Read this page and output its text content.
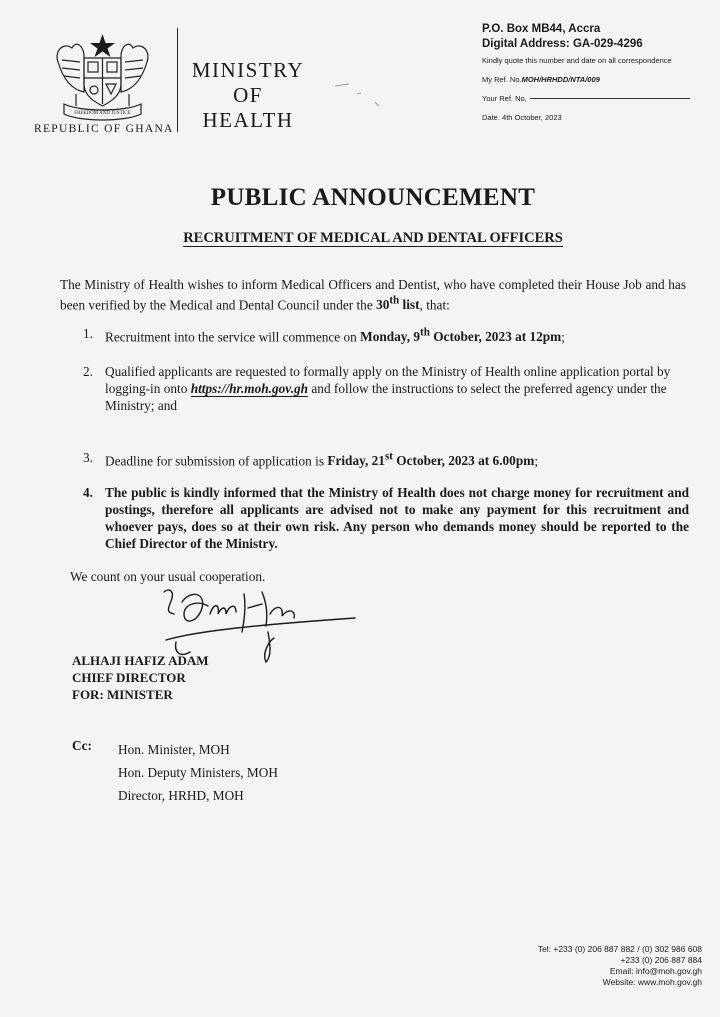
FREEDOM AND JUSTICE
REPUBLIC OF GHANA
MINISTRY
OF
HEALTH
P.O. Box MB44, Accra
Digital Address: GA-029-4296
Kindly quote this number and date on all correspondence
My Ref. No.MOH/HRHDD/NTA/009
Your Ref. No.
Date. 4th October, 2023
PUBLIC ANNOUNCEMENT
RECRUITMENT OF MEDICAL AND DENTAL OFFICERS
The Ministry of Health wishes to inform Medical Officers and Dentist, who have completed their House Job and has been verified by the Medical and Dental Council under the 30th list, that:
1. Recruitment into the service will commence on Monday, 9th October, 2023 at 12pm;
2. Qualified applicants are requested to formally apply on the Ministry of Health online application portal by logging-in onto https://hr.moh.gov.gh and follow the instructions to select the preferred agency under the Ministry; and
3. Deadline for submission of application is Friday, 21st October, 2023 at 6.00pm;
4. The public is kindly informed that the Ministry of Health does not charge money for recruitment and postings, therefore all applicants are advised not to make any payment for this recruitment and whoever pays, does so at their own risk. Any person who demands money should be reported to the Chief Director of the Ministry.
We count on your usual cooperation.
ALHAJI HAFIZ ADAM
CHIEF DIRECTOR
FOR: MINISTER
Cc: Hon. Minister, MOH
Hon. Deputy Ministers, MOH
Director, HRHD, MOH
Tel: +233 (0) 206 887 882 / (0) 302 986 608
+233 (0) 206 887 884
Email: info@moh.gov.gh
Website: www.moh.gov.gh
